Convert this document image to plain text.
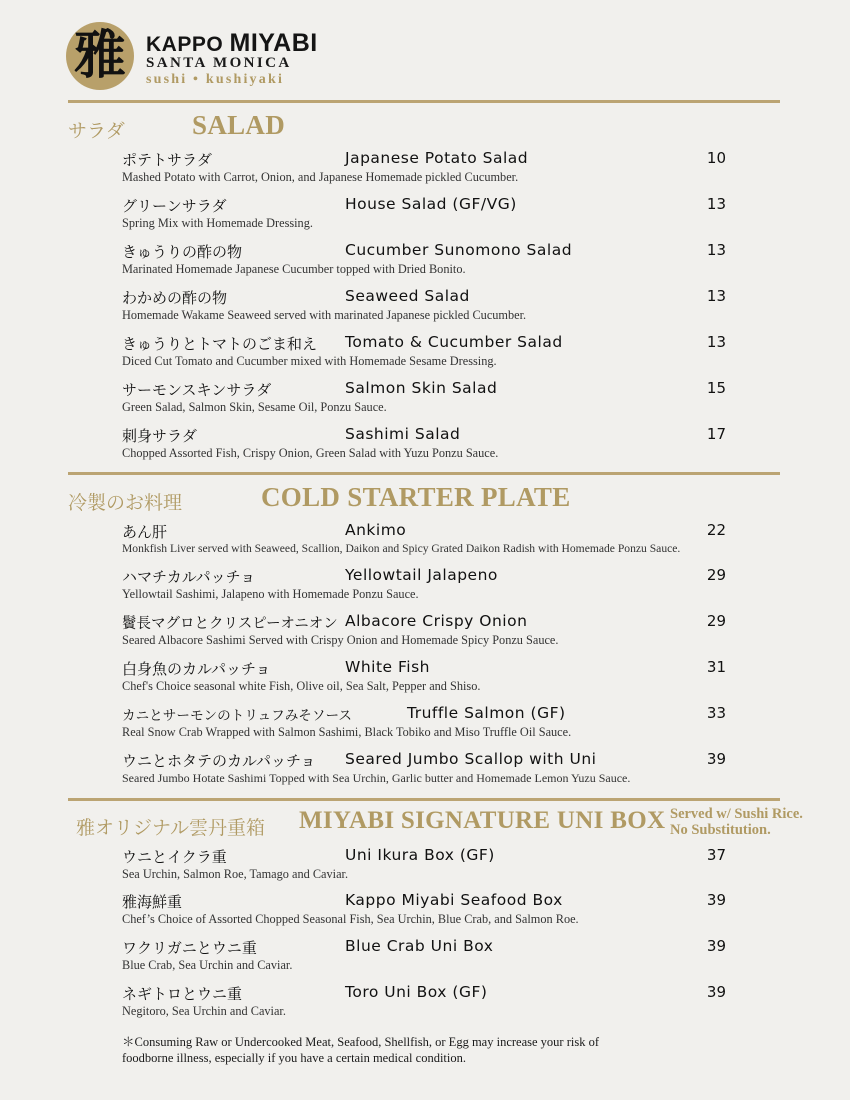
雅 KAPPO MIYABI
SANTA MONICA
sushi • kushiyaki
サラダ SALAD
ポテトサラダ	Japanese Potato Salad	10
Mashed Potato with Carrot, Onion, and Japanese Homemade pickled Cucumber.
グリーンサラダ	House Salad (GF/VG)	13
Spring Mix with Homemade Dressing.
きゅうりの酢の物	Cucumber Sunomono Salad	13
Marinated Homemade Japanese Cucumber topped with Dried Bonito.
わかめの酢の物	Seaweed Salad	13
Homemade Wakame Seaweed served with marinated Japanese pickled Cucumber.
きゅうりとトマトのごま和え Tomato & Cucumber Salad	13
Diced Cut Tomato and Cucumber mixed with Homemade Sesame Dressing.
サーモンスキンサラダ	Salmon Skin Salad	15
Green Salad, Salmon Skin, Sesame Oil, Ponzu Sauce.
刺身サラダ	Sashimi Salad	17
Chopped Assorted Fish, Crispy Onion, Green Salad with Yuzu Ponzu Sauce.
冷製のお料理	COLD STARTER PLATE
あん肝	Ankimo	22
Monkfish Liver served with Seaweed, Scallion, Daikon and Spicy Grated Daikon Radish with Homemade Ponzu Sauce.
ハマチカルパッチョ	Yellowtail Jalapeno	29
Yellowtail Sashimi, Jalapeno with Homemade Ponzu Sauce.
鬢長マグロとクリスピーオニオン Albacore Crispy Onion	29
Seared Albacore Sashimi Served with Crispy Onion and Homemade Spicy Ponzu Sauce.
白身魚のカルパッチョ	White Fish	31
Chef's Choice seasonal white Fish, Olive oil, Sea Salt, Pepper and Shiso.
カニとサーモンのトリュフみそソース	Truffle Salmon (GF)	33
Real Snow Crab Wrapped with Salmon Sashimi, Black Tobiko and Miso Truffle Oil Sauce.
ウニとホタテのカルパッチョ Seared Jumbo Scallop with Uni	39
Seared Jumbo Hotate Sashimi Topped with Sea Urchin, Garlic butter and Homemade Lemon Yuzu Sauce.
雅オリジナル雲丹重箱 MIYABI SIGNATURE UNI BOX Served w/ Sushi Rice.
No Substitution.
ウニとイクラ重	Uni Ikura Box (GF)	37
Sea Urchin, Salmon Roe, Tamago and Caviar.
雅海鮮重	Kappo Miyabi Seafood Box	39
Chef’s Choice of Assorted Chopped Seasonal Fish, Sea Urchin, Blue Crab, and Salmon Roe.
ワクリガニとウニ重	Blue Crab Uni Box	39
Blue Crab, Sea Urchin and Caviar.
ネギトロとウニ重	Toro Uni Box (GF)	39
Negitoro, Sea Urchin and Caviar.
＊Consuming Raw or Undercooked Meat, Seafood, Shellfish, or Egg may increase your risk of
foodborne illness, especially if you have a certain medical condition.
